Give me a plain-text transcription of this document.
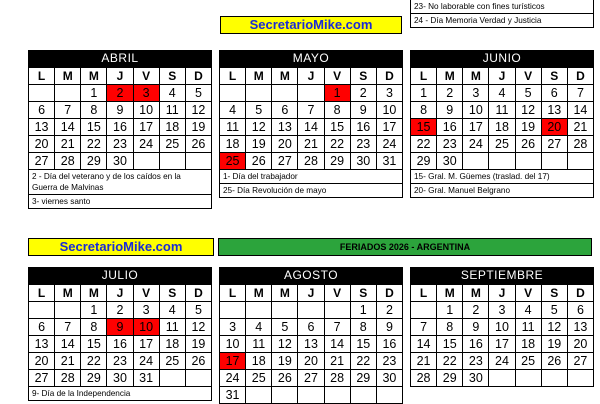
23- No laborable con fines turísticos
24 - Día Memoria Verdad y Justicia
SecretarioMike.com
SecretarioMike.com	FERIADOS 2026 - ARGENTINA
ABRIL
L	M	M	J	V	S	D
		1	2	3	4	5
6	7	8	9	10	11	12
13	14	15	16	17	18	19
20	21	22	23	24	25	26
27	28	29	30			
2 - Día del veterano y de los caídos en la Guerra de Malvinas
3- viernes santo
MAYO
L	M	M	J	V	S	D
				1	2	3
4	5	6	7	8	9	10
11	12	13	14	15	16	17
18	19	20	21	22	23	24
25	26	27	28	29	30	31
1- Día del trabajador
25- Día Revolución de mayo
JUNIO
L	M	M	J	V	S	D
1	2	3	4	5	6	7
8	9	10	11	12	13	14
15	16	17	18	19	20	21
22	23	24	25	26	27	28
29	30					
15- Gral. M. Güemes (traslad. del 17)
20- Gral. Manuel Belgrano
JULIO
L	M	M	J	V	S	D
		1	2	3	4	5
6	7	8	9	10	11	12
13	14	15	16	17	18	19
20	21	22	23	24	25	26
27	28	29	30	31		
9- Día de la Independencia
AGOSTO
L	M	M	J	V	S	D
					1	2
3	4	5	6	7	8	9
10	11	12	13	14	15	16
17	18	19	20	21	22	23
24	25	26	27	28	29	30
31						
SEPTIEMBRE
L	M	M	J	V	S	D
	1	2	3	4	5	6
7	8	9	10	11	12	13
14	15	16	17	18	19	20
21	22	23	24	25	26	27
28	29	30				
